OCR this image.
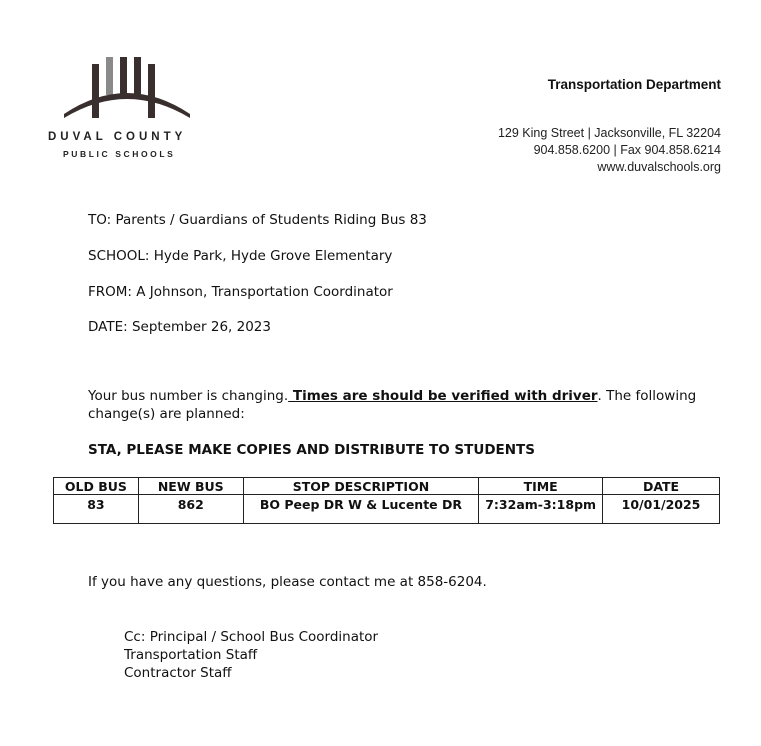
DUVAL COUNTY
PUBLIC SCHOOLS
Transportation Department
129 King Street | Jacksonville, FL 32204
904.858.6200 | Fax 904.858.6214
www.duvalschools.org
TO: Parents / Guardians of Students Riding Bus 83
SCHOOL: Hyde Park, Hyde Grove Elementary
FROM: A Johnson, Transportation Coordinator
DATE: September 26, 2023
Your bus number is changing. Times are should be verified with driver. The following change(s) are planned:
STA, PLEASE MAKE COPIES AND DISTRIBUTE TO STUDENTS
OLD BUS	NEW BUS	STOP DESCRIPTION	TIME	DATE
83	862	BO Peep DR W & Lucente DR	7:32am-3:18pm	10/01/2025
If you have any questions, please contact me at 858-6204.
Cc: Principal / School Bus Coordinator
Transportation Staff
Contractor Staff
